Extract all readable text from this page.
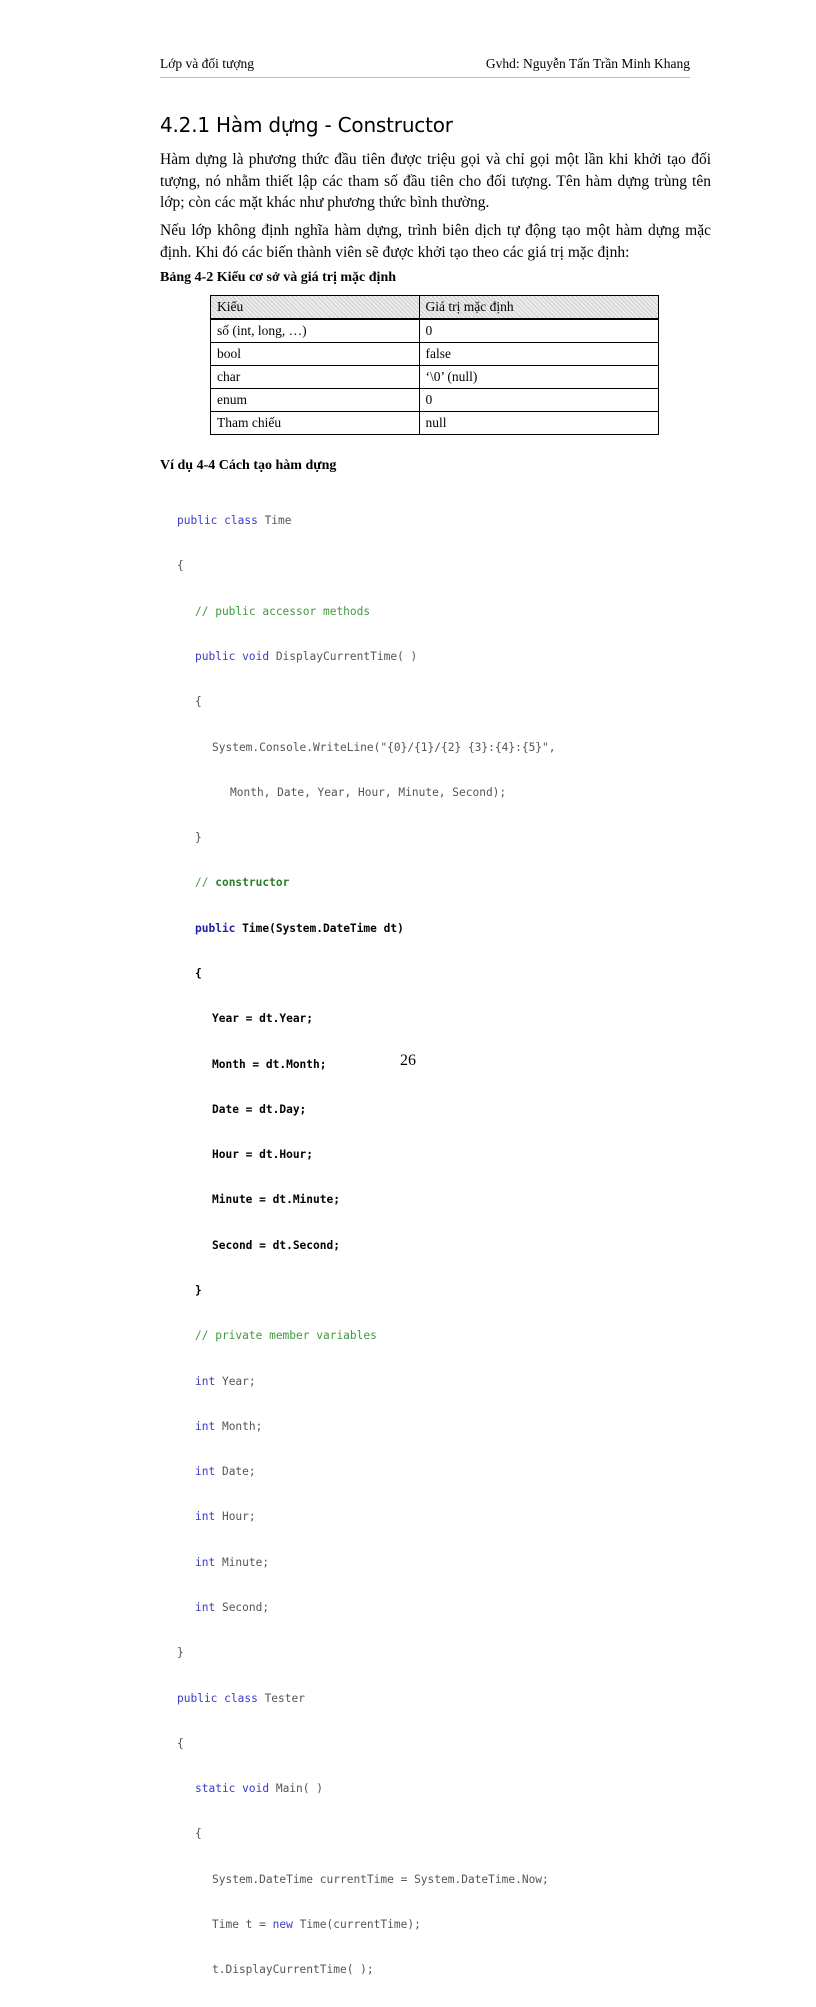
Lớp và đối tượng	Gvhd: Nguyễn Tấn Trần Minh Khang
4.2.1 Hàm dựng - Constructor

Hàm dựng là phương thức đầu tiên được triệu gọi và chỉ gọi một lần khi khởi tạo đối tượng, nó nhằm thiết lập các tham số đầu tiên cho đối tượng. Tên hàm dựng trùng tên lớp; còn các mặt khác như phương thức bình thường.

Nếu lớp không định nghĩa hàm dựng, trình biên dịch tự động tạo một hàm dựng mặc định. Khi đó các biến thành viên sẽ được khởi tạo theo các giá trị mặc định:

Bảng 4-2 Kiểu cơ sở và giá trị mặc định

Kiểu	Giá trị mặc định
số (int, long, …)	0
bool	false
char	‘\0’ (null)
enum	0
Tham chiếu	null

Ví dụ 4-4 Cách tạo hàm dựng

public class Time

{

// public accessor methods

public void DisplayCurrentTime( )

{

System.Console.WriteLine("{0}/{1}/{2} {3}:{4}:{5}",

Month, Date, Year, Hour, Minute, Second);

}

// constructor

public Time(System.DateTime dt)

{

Year = dt.Year;

Month = dt.Month;

Date = dt.Day;

Hour = dt.Hour;

Minute = dt.Minute;

Second = dt.Second;

}

// private member variables

int Year;

int Month;

int Date;

int Hour;

int Minute;

int Second;

}

public class Tester

{

static void Main( )

{

System.DateTime currentTime = System.DateTime.Now;

Time t = new Time(currentTime);

t.DisplayCurrentTime( );

26
